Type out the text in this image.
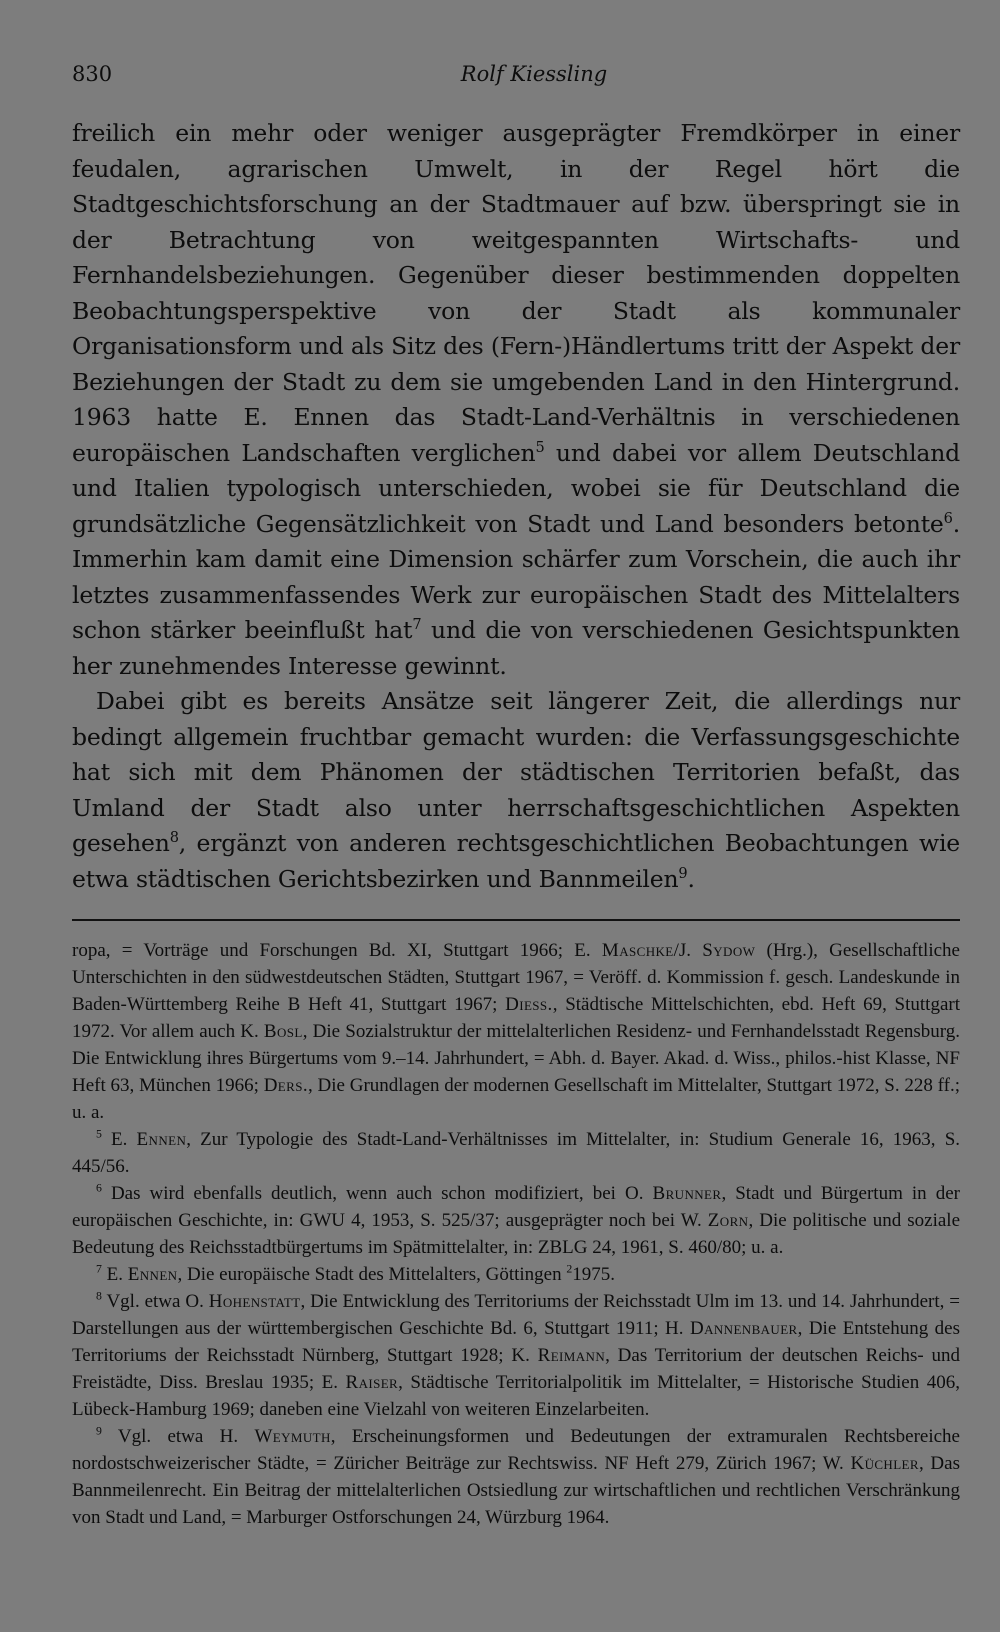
830	Rolf Kiessling

freilich ein mehr oder weniger ausgeprägter Fremdkörper in einer feudalen, agrarischen Umwelt, in der Regel hört die Stadtgeschichtsforschung an der Stadtmauer auf bzw. überspringt sie in der Betrachtung von weitgespannten Wirtschafts- und Fernhandelsbeziehungen. Gegenüber dieser bestimmenden doppelten Beobachtungsperspektive von der Stadt als kommunaler Organisationsform und als Sitz des (Fern-)Händlertums tritt der Aspekt der Beziehungen der Stadt zu dem sie umgebenden Land in den Hintergrund. 1963 hatte E. Ennen das Stadt-Land-Verhältnis in verschiedenen europäischen Landschaften verglichen$^5$ und dabei vor allem Deutschland und Italien typologisch unterschieden, wobei sie für Deutschland die grundsätzliche Gegensätzlichkeit von Stadt und Land besonders betonte$^6$. Immerhin kam damit eine Dimension schärfer zum Vorschein, die auch ihr letztes zusammenfassendes Werk zur europäischen Stadt des Mittelalters schon stärker beeinflußt hat$^7$ und die von verschiedenen Gesichtspunkten her zunehmendes Interesse gewinnt.

Dabei gibt es bereits Ansätze seit längerer Zeit, die allerdings nur bedingt allgemein fruchtbar gemacht wurden: die Verfassungsgeschichte hat sich mit dem Phänomen der städtischen Territorien befaßt, das Umland der Stadt also unter herrschaftsgeschichtlichen Aspekten gesehen$^8$, ergänzt von anderen rechtsgeschichtlichen Beobachtungen wie etwa städtischen Gerichtsbezirken und Bannmeilen$^9$.

ropa, = Vorträge und Forschungen Bd. XI, Stuttgart 1966; E. Maschke/J. Sydow (Hrg.), Gesellschaftliche Unterschichten in den südwestdeutschen Städten, Stuttgart 1967, = Veröff. d. Kommission f. gesch. Landeskunde in Baden-Württemberg Reihe B Heft 41, Stuttgart 1967; Diess., Städtische Mittelschichten, ebd. Heft 69, Stuttgart 1972. Vor allem auch K. Bosl, Die Sozialstruktur der mittelalterlichen Residenz- und Fernhandelsstadt Regensburg. Die Entwicklung ihres Bürgertums vom 9.–14. Jahrhundert, = Abh. d. Bayer. Akad. d. Wiss., philos.-hist Klasse, NF Heft 63, München 1966; Ders., Die Grundlagen der modernen Gesellschaft im Mittelalter, Stuttgart 1972, S. 228 ff.; u. a.

$^5$ E. Ennen, Zur Typologie des Stadt-Land-Verhältnisses im Mittelalter, in: Studium Generale 16, 1963, S. 445/56.

$^6$ Das wird ebenfalls deutlich, wenn auch schon modifiziert, bei O. Brunner, Stadt und Bürgertum in der europäischen Geschichte, in: GWU 4, 1953, S. 525/37; ausgeprägter noch bei W. Zorn, Die politische und soziale Bedeutung des Reichsstadtbürgertums im Spätmittelalter, in: ZBLG 24, 1961, S. 460/80; u. a.

$^7$ E. Ennen, Die europäische Stadt des Mittelalters, Göttingen $^2$1975.

$^8$ Vgl. etwa O. Hohenstatt, Die Entwicklung des Territoriums der Reichsstadt Ulm im 13. und 14. Jahrhundert, = Darstellungen aus der württembergischen Geschichte Bd. 6, Stuttgart 1911; H. Dannenbauer, Die Entstehung des Territoriums der Reichsstadt Nürnberg, Stuttgart 1928; K. Reimann, Das Territorium der deutschen Reichs- und Freistädte, Diss. Breslau 1935; E. Raiser, Städtische Territorialpolitik im Mittelalter, = Historische Studien 406, Lübeck-Hamburg 1969; daneben eine Vielzahl von weiteren Einzelarbeiten.

$^9$ Vgl. etwa H. Weymuth, Erscheinungsformen und Bedeutungen der extramuralen Rechtsbereiche nordostschweizerischer Städte, = Züricher Beiträge zur Rechtswiss. NF Heft 279, Zürich 1967; W. Küchler, Das Bannmeilenrecht. Ein Beitrag der mittelalterlichen Ostsiedlung zur wirtschaftlichen und rechtlichen Verschränkung von Stadt und Land, = Marburger Ostforschungen 24, Würzburg 1964.
